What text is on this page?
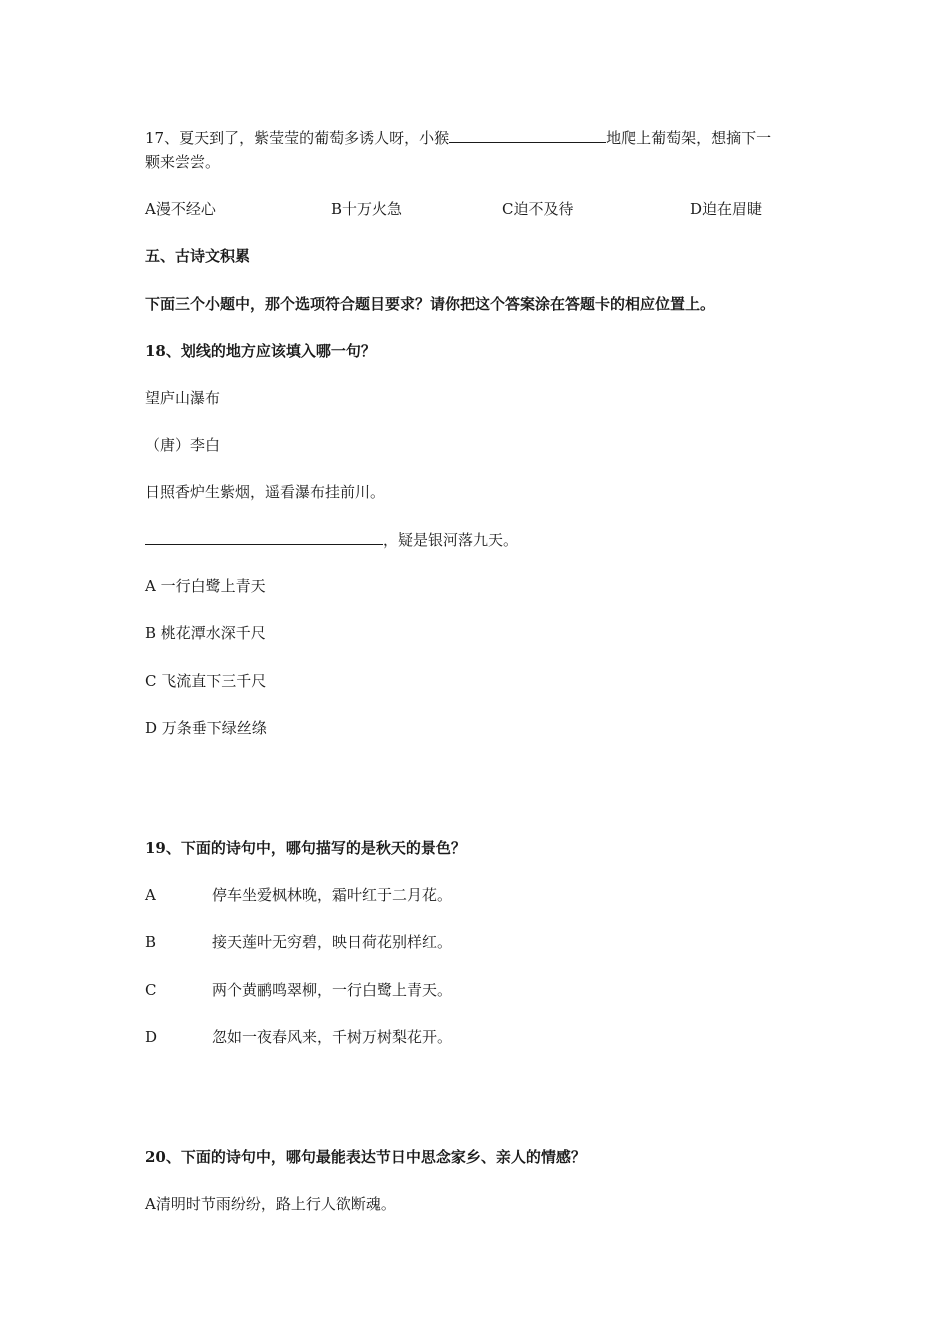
17、夏天到了，紫莹莹的葡萄多诱人呀，小猴	地爬上葡萄架，想摘下一
颗来尝尝。
A漫不经心	B十万火急	C迫不及待	D迫在眉睫
五、古诗文积累
下面三个小题中，那个选项符合题目要求？请你把这个答案涂在答题卡的相应位置上。
18、划线的地方应该填入哪一句？
望庐山瀑布
（唐）李白
日照香炉生紫烟，遥看瀑布挂前川。
，疑是银河落九天。
A 一行白鹭上青天
B 桃花潭水深千尺
C 飞流直下三千尺
D 万条垂下绿丝绦
19、下面的诗句中，哪句描写的是秋天的景色？
A	停车坐爱枫林晚，霜叶红于二月花。
B	接天莲叶无穷碧，映日荷花别样红。
C	两个黄鹂鸣翠柳，一行白鹭上青天。
D	忽如一夜春风来，千树万树梨花开。
20、下面的诗句中，哪句最能表达节日中思念家乡、亲人的情感？
A清明时节雨纷纷，路上行人欲断魂。
